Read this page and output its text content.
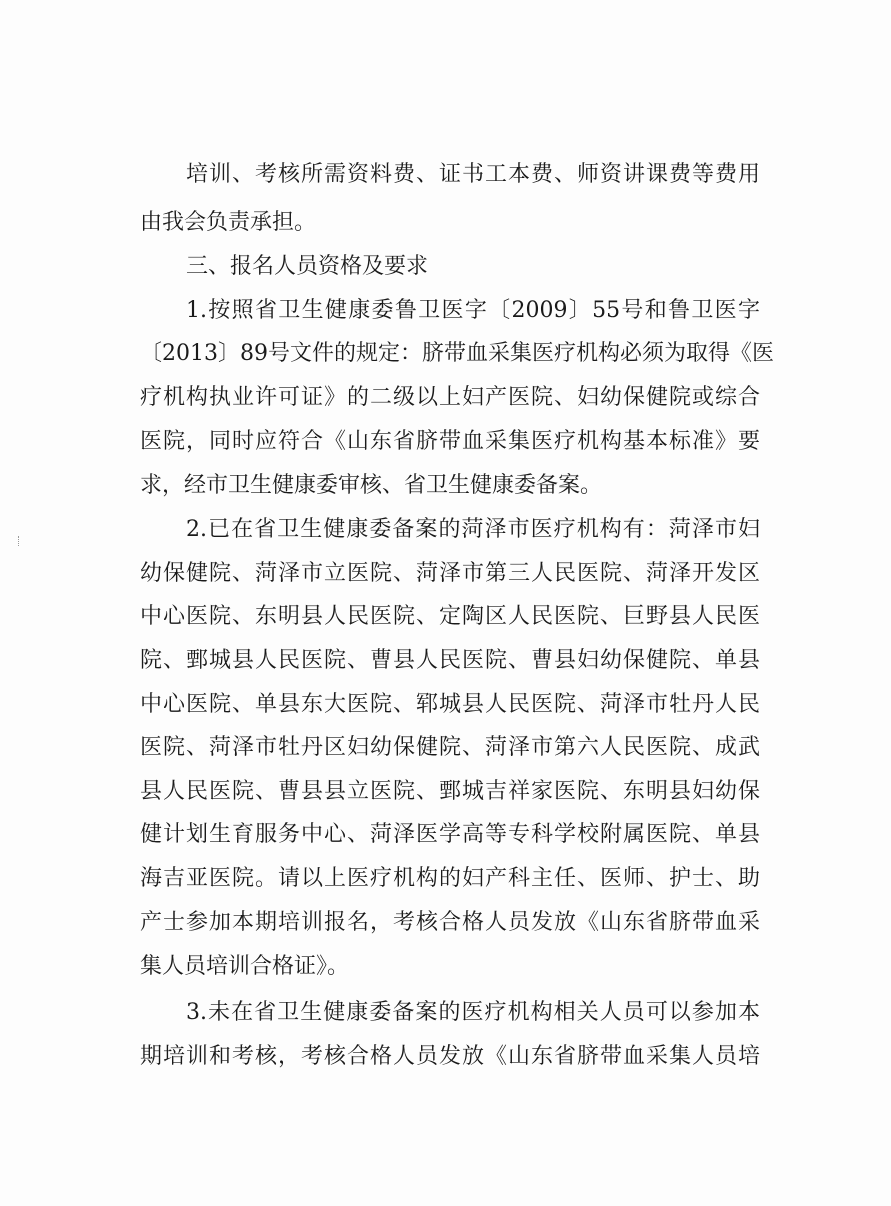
培训、考核所需资料费、证书工本费、师资讲课费等费用
由我会负责承担。
三、报名人员资格及要求
1.按照省卫生健康委鲁卫医字〔2009〕55号和鲁卫医字
〔2013〕89号文件的规定：脐带血采集医疗机构必须为取得《医
疗机构执业许可证》的二级以上妇产医院、妇幼保健院或综合
医院，同时应符合《山东省脐带血采集医疗机构基本标准》要
求，经市卫生健康委审核、省卫生健康委备案。
2.已在省卫生健康委备案的菏泽市医疗机构有：菏泽市妇
幼保健院、菏泽市立医院、菏泽市第三人民医院、菏泽开发区
中心医院、东明县人民医院、定陶区人民医院、巨野县人民医
院、鄄城县人民医院、曹县人民医院、曹县妇幼保健院、单县
中心医院、单县东大医院、郓城县人民医院、菏泽市牡丹人民
医院、菏泽市牡丹区妇幼保健院、菏泽市第六人民医院、成武
县人民医院、曹县县立医院、鄄城吉祥家医院、东明县妇幼保
健计划生育服务中心、菏泽医学高等专科学校附属医院、单县
海吉亚医院。请以上医疗机构的妇产科主任、医师、护士、助
产士参加本期培训报名，考核合格人员发放《山东省脐带血采
集人员培训合格证》。
3.未在省卫生健康委备案的医疗机构相关人员可以参加本
期培训和考核，考核合格人员发放《山东省脐带血采集人员培
